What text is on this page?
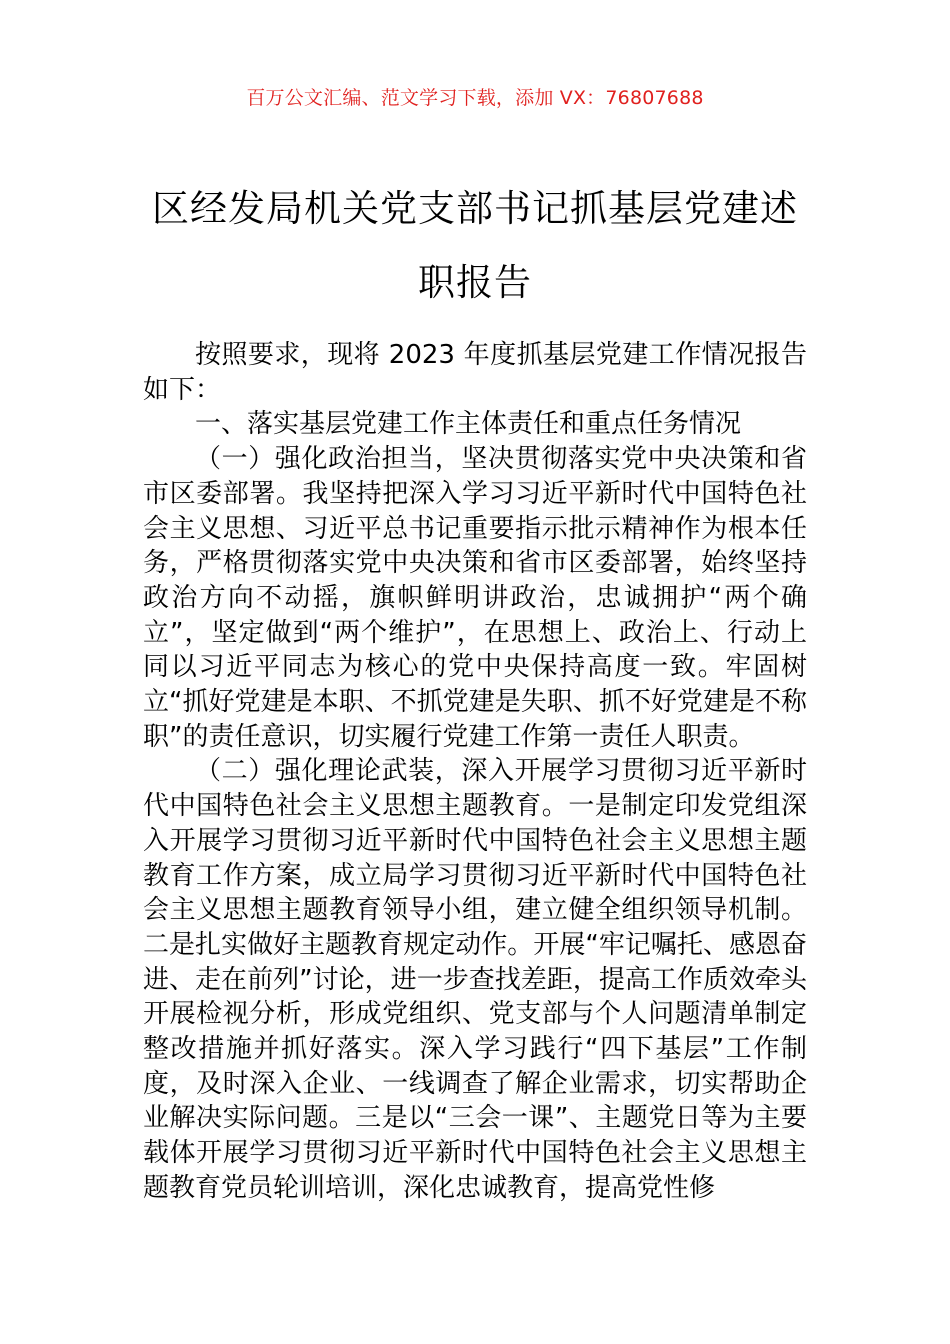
百万公文汇编、范文学习下载，添加 VX：76807688
区经发局机关党支部书记抓基层党建述职报告

按照要求，现将 2023 年度抓基层党建工作情况报告如下：

一、落实基层党建工作主体责任和重点任务情况

（一）强化政治担当，坚决贯彻落实党中央决策和省市区委部署。我坚持把深入学习习近平新时代中国特色社会主义思想、习近平总书记重要指示批示精神作为根本任务，严格贯彻落实党中央决策和省市区委部署，始终坚持政治方向不动摇，旗帜鲜明讲政治，忠诚拥护“两个确立”，坚定做到“两个维护”，在思想上、政治上、行动上同以习近平同志为核心的党中央保持高度一致。牢固树立“抓好党建是本职、不抓党建是失职、抓不好党建是不称职”的责任意识，切实履行党建工作第一责任人职责。

（二）强化理论武装，深入开展学习贯彻习近平新时代中国特色社会主义思想主题教育。一是制定印发党组深入开展学习贯彻习近平新时代中国特色社会主义思想主题教育工作方案，成立局学习贯彻习近平新时代中国特色社会主义思想主题教育领导小组，建立健全组织领导机制。二是扎实做好主题教育规定动作。开展“牢记嘱托、感恩奋进、走在前列”讨论，进一步查找差距，提高工作质效牵头开展检视分析，形成党组织、党支部与个人问题清单制定整改措施并抓好落实。深入学习践行“四下基层”工作制度，及时深入企业、一线调查了解企业需求，切实帮助企业解决实际问题。三是以“三会一课”、主题党日等为主要载体开展学习贯彻习近平新时代中国特色社会主义思想主题教育党员轮训培训，深化忠诚教育，提高党性修
